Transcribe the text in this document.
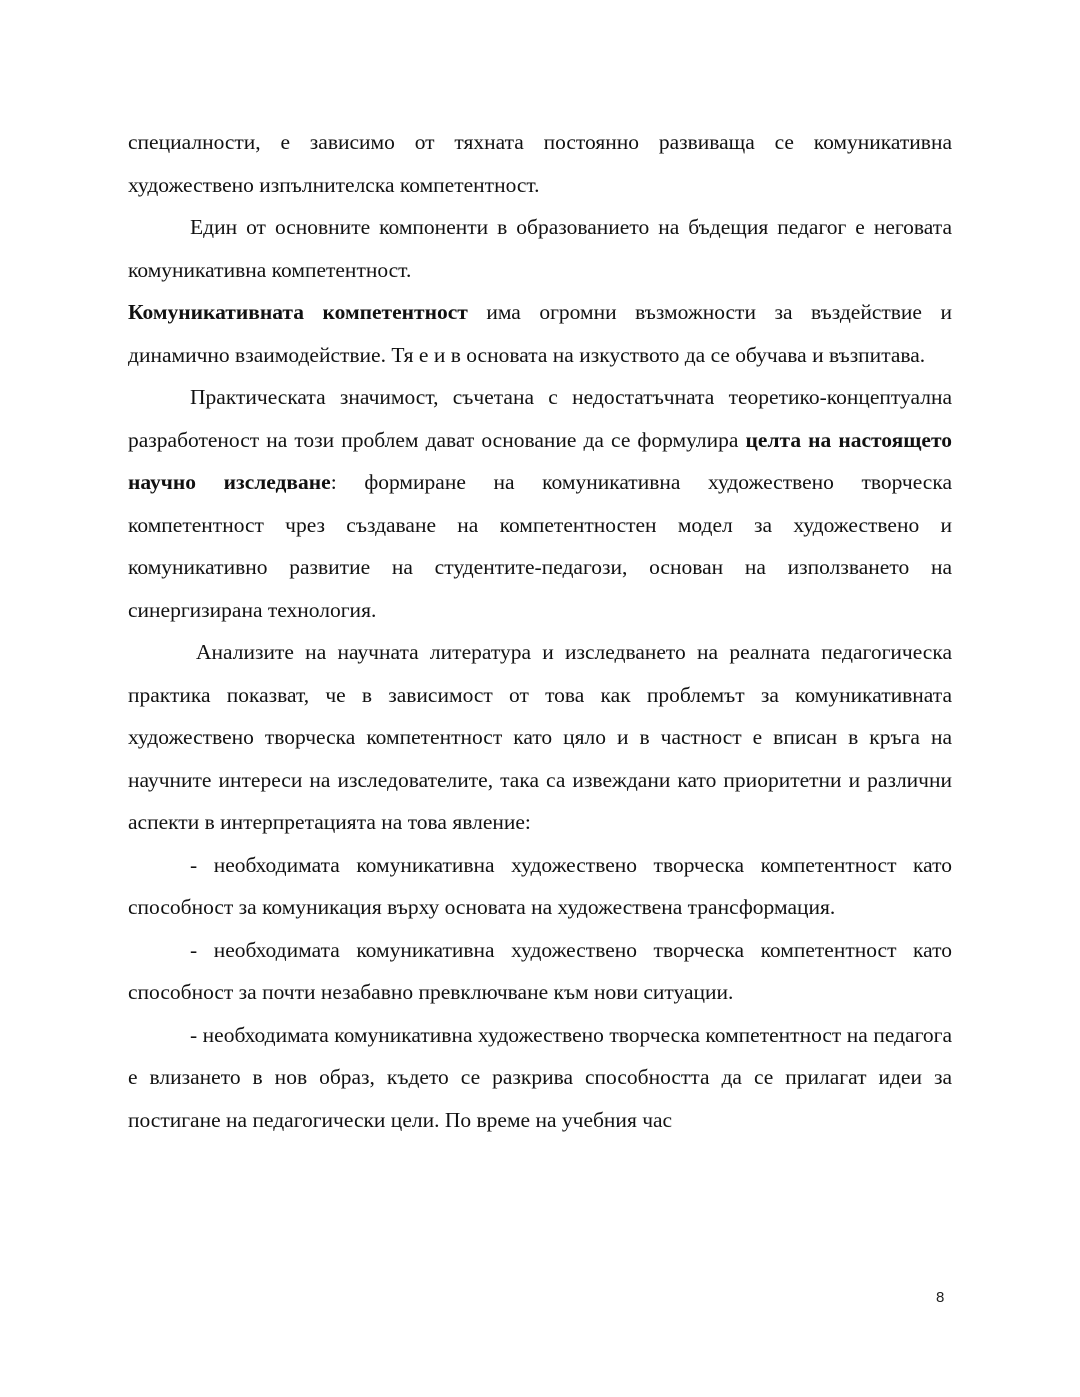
специалности, е зависимо от тяхната постоянно развиваща се комуникативна художествено изпълнителска компетентност.

Един от основните компоненти в образованието на бъдещия педагог е неговата комуникативна компетентност.

Комуникативната компетентност има огромни възможности за въздействие и динамично взаимодействие. Тя е и в основата на изкуството да се обучава и възпитава.

Практическата значимост, съчетана с недостатъчната теоретико-концептуална разработеност на този проблем дават основание да се формулира целта на настоящето научно изследване: формиране на комуникативна художествено творческа компетентност чрез създаване на компетентностен модел за художествено и комуникативно развитие на студентите-педагози, основан на използването на синергизирана технология.

Анализите на научната литература и изследването на реалната педагогическа практика показват, че в зависимост от това как проблемът за комуникативната художествено творческа компетентност като цяло и в частност е вписан в кръга на научните интереси на изследователите, така са извеждани като приоритетни и различни аспекти в интерпретацията на това явление:

- необходимата комуникативна художествено творческа компетентност като способност за комуникация върху основата на художествена трансформация.

- необходимата комуникативна художествено творческа компетентност като способност за почти незабавно превключване към нови ситуации.

- необходимата комуникативна художествено творческа компетентност на педагога е влизането в нов образ, където се разкрива способността да се прилагат идеи за постигане на педагогически цели. По време на учебния час

8
